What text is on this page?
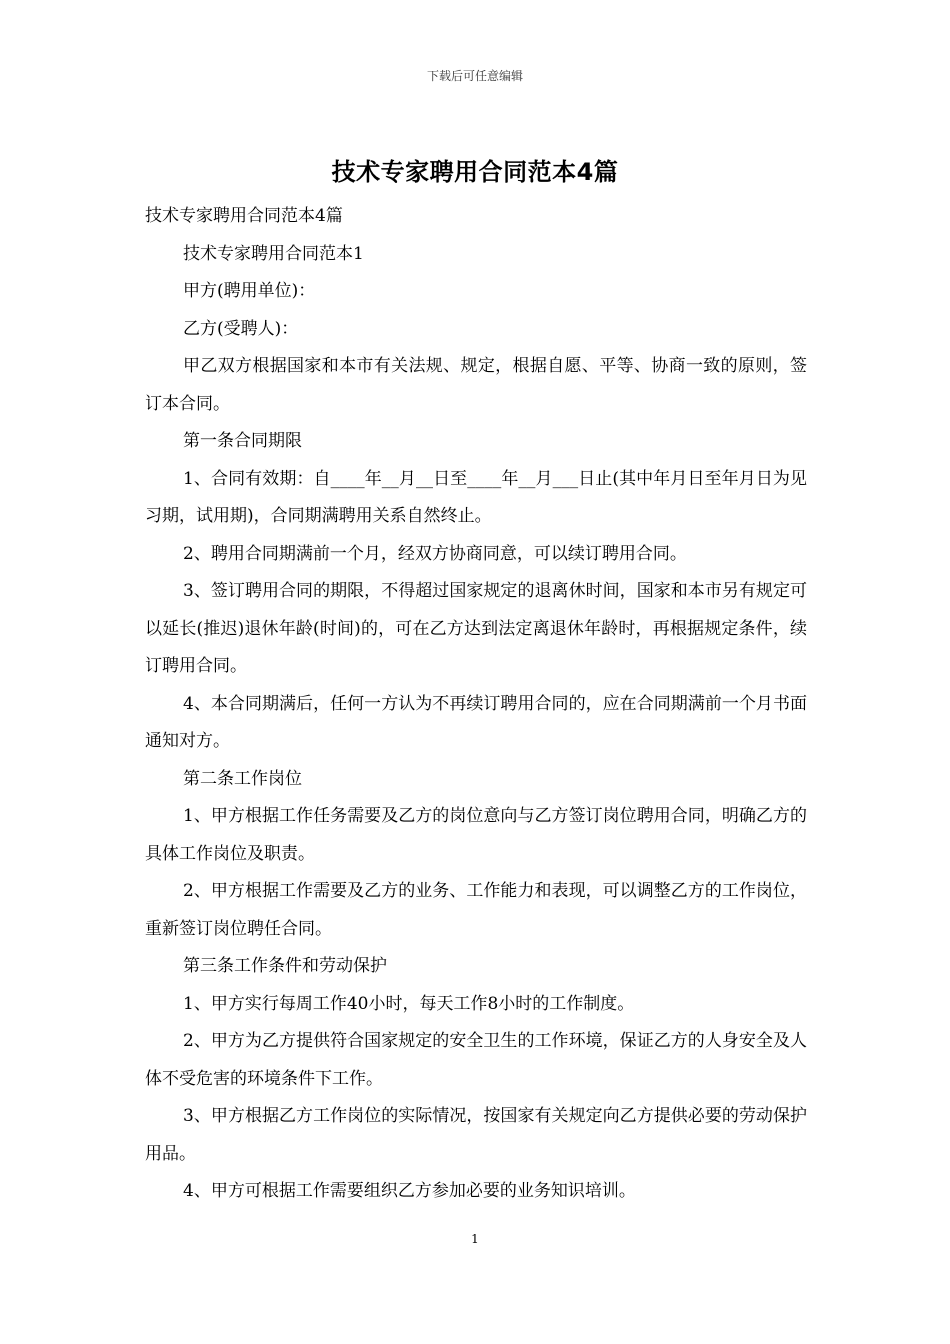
下载后可任意编辑
技术专家聘用合同范本4篇

技术专家聘用合同范本4篇

技术专家聘用合同范本1

甲方(聘用单位)：

乙方(受聘人)：

甲乙双方根据国家和本市有关法规、规定，根据自愿、平等、协商一致的原则，签订本合同。

第一条合同期限

1、合同有效期：自____年__月__日至____年__月___日止(其中年月日至年月日为见习期，试用期)，合同期满聘用关系自然终止。

2、聘用合同期满前一个月，经双方协商同意，可以续订聘用合同。

3、签订聘用合同的期限，不得超过国家规定的退离休时间，国家和本市另有规定可以延长(推迟)退休年龄(时间)的，可在乙方达到法定离退休年龄时，再根据规定条件，续订聘用合同。

4、本合同期满后，任何一方认为不再续订聘用合同的，应在合同期满前一个月书面通知对方。

第二条工作岗位

1、甲方根据工作任务需要及乙方的岗位意向与乙方签订岗位聘用合同，明确乙方的具体工作岗位及职责。

2、甲方根据工作需要及乙方的业务、工作能力和表现，可以调整乙方的工作岗位，重新签订岗位聘任合同。

第三条工作条件和劳动保护

1、甲方实行每周工作40小时，每天工作8小时的工作制度。

2、甲方为乙方提供符合国家规定的安全卫生的工作环境，保证乙方的人身安全及人体不受危害的环境条件下工作。

3、甲方根据乙方工作岗位的实际情况，按国家有关规定向乙方提供必要的劳动保护用品。

4、甲方可根据工作需要组织乙方参加必要的业务知识培训。

1
